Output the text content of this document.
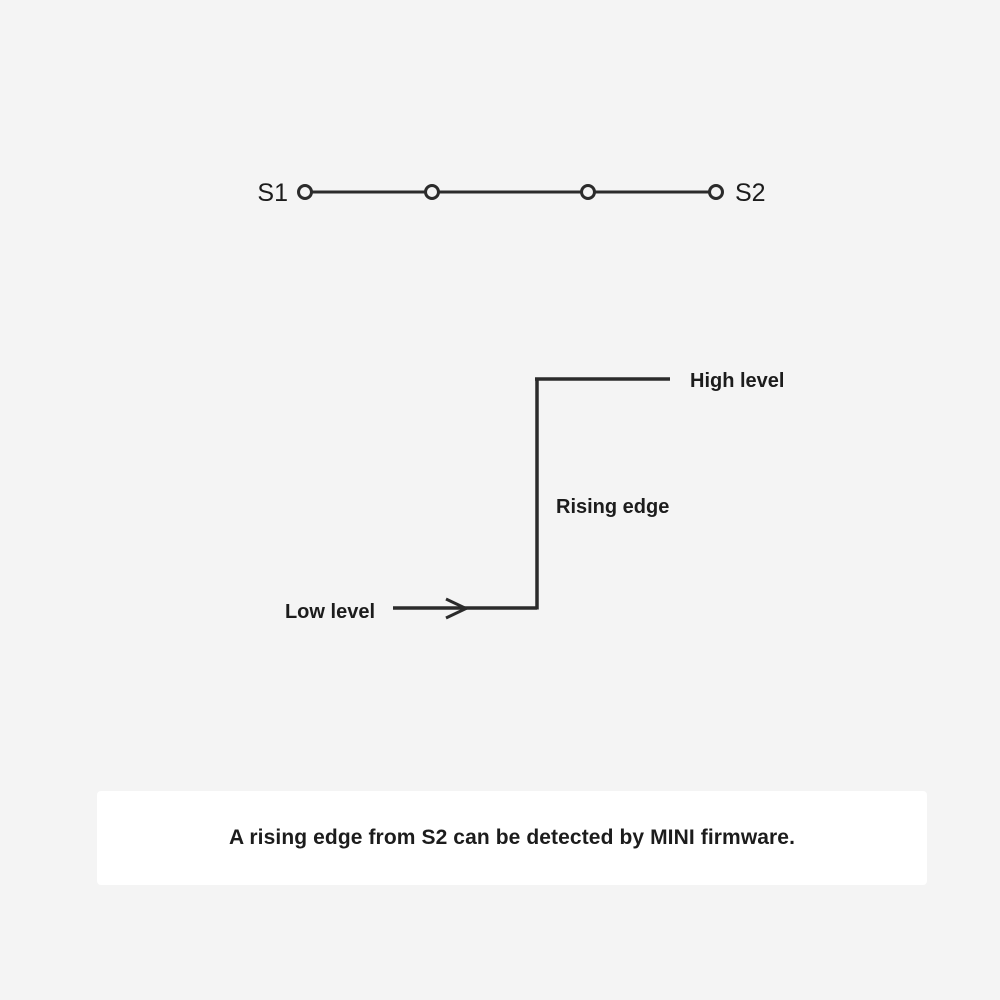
S1	S2
Low level
Rising edge
High level
A rising edge from S2 can be detected by MINI firmware.
